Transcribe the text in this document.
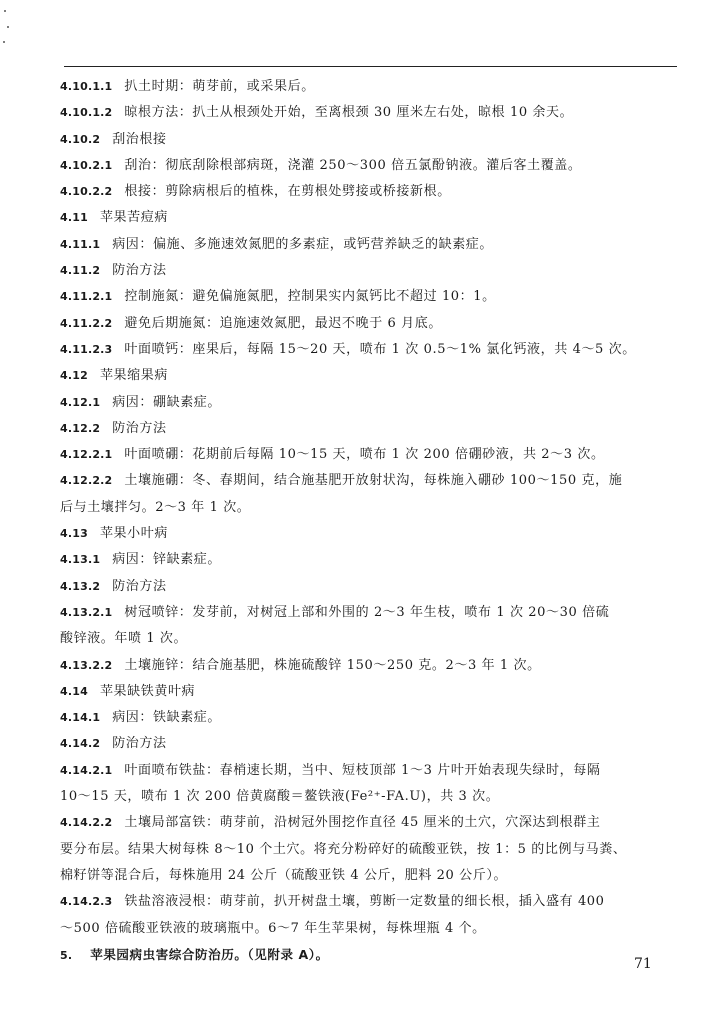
4.10.1.1 扒土时期：萌芽前，或采果后。
4.10.1.2 晾根方法：扒土从根颈处开始，至离根颈 30 厘米左右处，晾根 10 余天。
4.10.2 刮治根接
4.10.2.1 刮治：彻底刮除根部病斑，浇灌 250～300 倍五氯酚钠液。灌后客土覆盖。
4.10.2.2 根接：剪除病根后的植株，在剪根处劈接或桥接新根。
4.11 苹果苦痘病
4.11.1 病因：偏施、多施速效氮肥的多素症，或钙营养缺乏的缺素症。
4.11.2 防治方法
4.11.2.1 控制施氮：避免偏施氮肥，控制果实内氮钙比不超过 10：1。
4.11.2.2 避免后期施氮：追施速效氮肥，最迟不晚于 6 月底。
4.11.2.3 叶面喷钙：座果后，每隔 15～20 天，喷布 1 次 0.5～1% 氯化钙液，共 4～5 次。
4.12 苹果缩果病
4.12.1 病因：硼缺素症。
4.12.2 防治方法
4.12.2.1 叶面喷硼：花期前后每隔 10～15 天，喷布 1 次 200 倍硼砂液，共 2～3 次。
4.12.2.2 土壤施硼：冬、春期间，结合施基肥开放射状沟，每株施入硼砂 100～150 克，施
后与土壤拌匀。2～3 年 1 次。
4.13 苹果小叶病
4.13.1 病因：锌缺素症。
4.13.2 防治方法
4.13.2.1 树冠喷锌：发芽前，对树冠上部和外围的 2～3 年生枝，喷布 1 次 20～30 倍硫
酸锌液。年喷 1 次。
4.13.2.2 土壤施锌：结合施基肥，株施硫酸锌 150～250 克。2～3 年 1 次。
4.14 苹果缺铁黄叶病
4.14.1 病因：铁缺素症。
4.14.2 防治方法
4.14.2.1 叶面喷布铁盐：春梢速长期，当中、短枝顶部 1～3 片叶开始表现失绿时，每隔
10～15 天，喷布 1 次 200 倍黄腐酸＝鳌铁液(Fe²⁺-FA.U)，共 3 次。
4.14.2.2 土壤局部富铁：萌芽前，沿树冠外围挖作直径 45 厘米的土穴，穴深达到根群主
要分布层。结果大树每株 8～10 个土穴。将充分粉碎好的硫酸亚铁，按 1：5 的比例与马粪、
棉籽饼等混合后，每株施用 24 公斤（硫酸亚铁 4 公斤，肥料 20 公斤）。
4.14.2.3 铁盐溶液浸根：萌芽前，扒开树盘土壤，剪断一定数量的细长根，插入盛有 400
～500 倍硫酸亚铁液的玻璃瓶中。6～7 年生苹果树，每株埋瓶 4 个。
5. 苹果园病虫害综合防治历。（见附录 A）。
71
